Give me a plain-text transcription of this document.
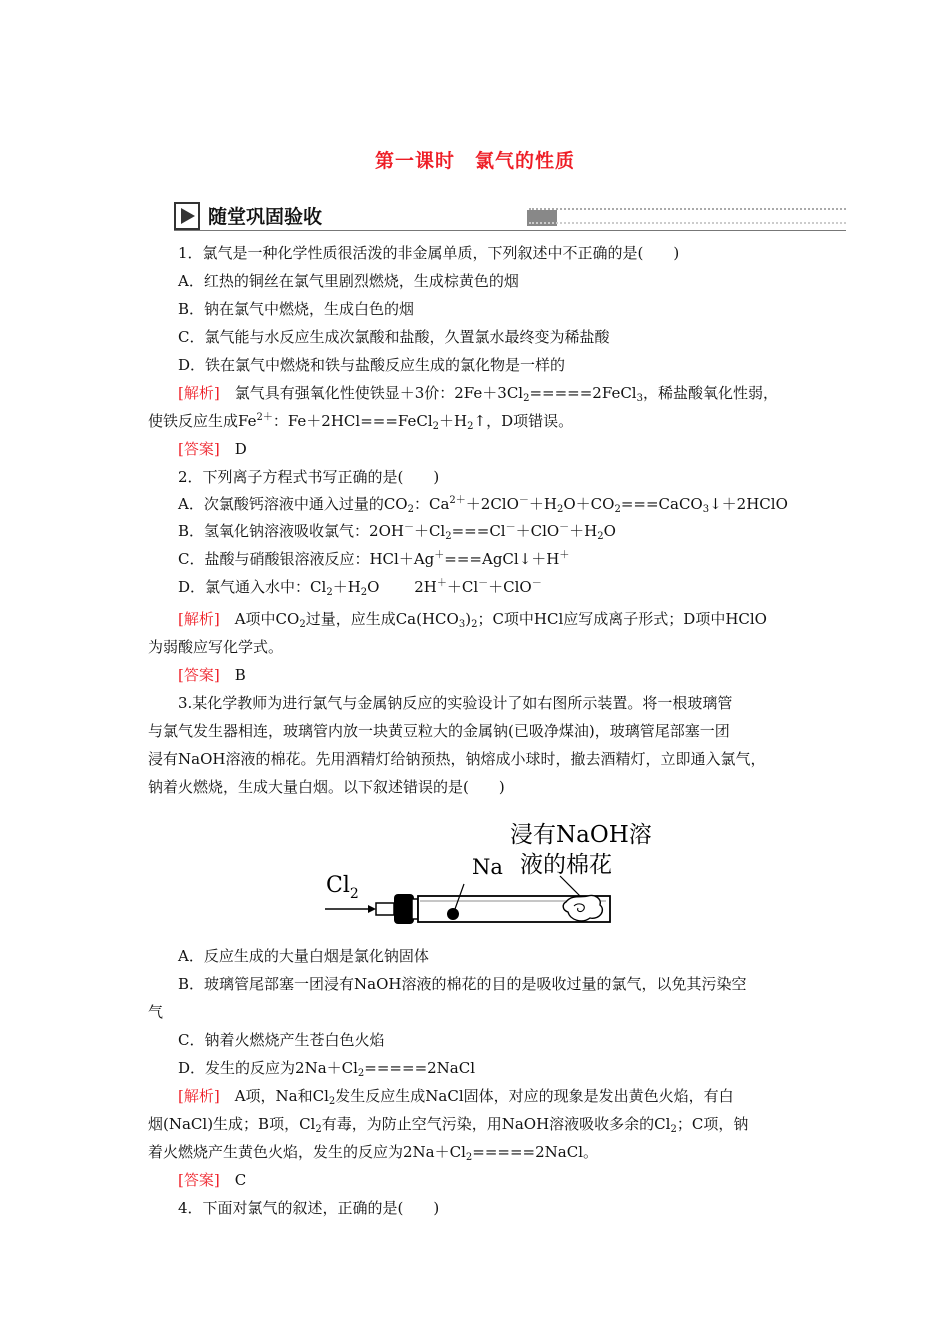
第一课时　氯气的性质
随堂巩固验收
1．氯气是一种化学性质很活泼的非金属单质，下列叙述中不正确的是(　　)
A．红热的铜丝在氯气里剧烈燃烧，生成棕黄色的烟
B．钠在氯气中燃烧，生成白色的烟
C．氯气能与水反应生成次氯酸和盐酸，久置氯水最终变为稀盐酸
D．铁在氯气中燃烧和铁与盐酸反应生成的氯化物是一样的
[解析]　氯气具有强氧化性使铁显＋3价：$2Fe+3Cl_2=====2FeCl_3$，稀盐酸氧化性弱，
使铁反应生成$Fe^{2+}$：$Fe+2HCl===FeCl_2+H_2↑$，D项错误。
[答案]　D
2．下列离子方程式书写正确的是(　　)
A．次氯酸钙溶液中通入过量的$CO_2$：$Ca^{2+}+2ClO^-+H_2O+CO_2===CaCO_3↓+2HClO$
B．氢氧化钠溶液吸收氯气：$2OH^-+Cl_2===Cl^-+ClO^-+H_2O$
C．盐酸与硝酸银溶液反应：HCl＋Ag＋===AgCl↓＋H＋
D．氯气通入水中：$Cl_2+H_2O$　　 2H＋＋Cl－＋ClO－
[解析]　A项中$CO_2$过量，应生成$Ca(HCO_3)_2$；C项中HCl应写成离子形式；D项中HClO
为弱酸应写化学式。
[答案]　B
3.某化学教师为进行氯气与金属钠反应的实验设计了如右图所示装置。将一根玻璃管
与氯气发生器相连，玻璃管内放一块黄豆粒大的金属钠(已吸净煤油)，玻璃管尾部塞一团
浸有NaOH溶液的棉花。先用酒精灯给钠预热，钠熔成小球时，撤去酒精灯，立即通入氯气，
钠着火燃烧，生成大量白烟。以下叙述错误的是(　　)
浸有NaOH溶
液的棉花
Na
$Cl_2$
A．反应生成的大量白烟是氯化钠固体
B．玻璃管尾部塞一团浸有NaOH溶液的棉花的目的是吸收过量的氯气，以免其污染空
气
C．钠着火燃烧产生苍白色火焰
D．发生的反应为$2Na+Cl_2=====2NaCl$
[解析]　A项，Na和$Cl_2$发生反应生成NaCl固体，对应的现象是发出黄色火焰，有白
烟(NaCl)生成；B项，$Cl_2$有毒，为防止空气污染，用NaOH溶液吸收多余的$Cl_2$；C项，钠
着火燃烧产生黄色火焰，发生的反应为$2Na+Cl_2=====2NaCl$。
[答案]　C
4．下面对氯气的叙述，正确的是(　　)
